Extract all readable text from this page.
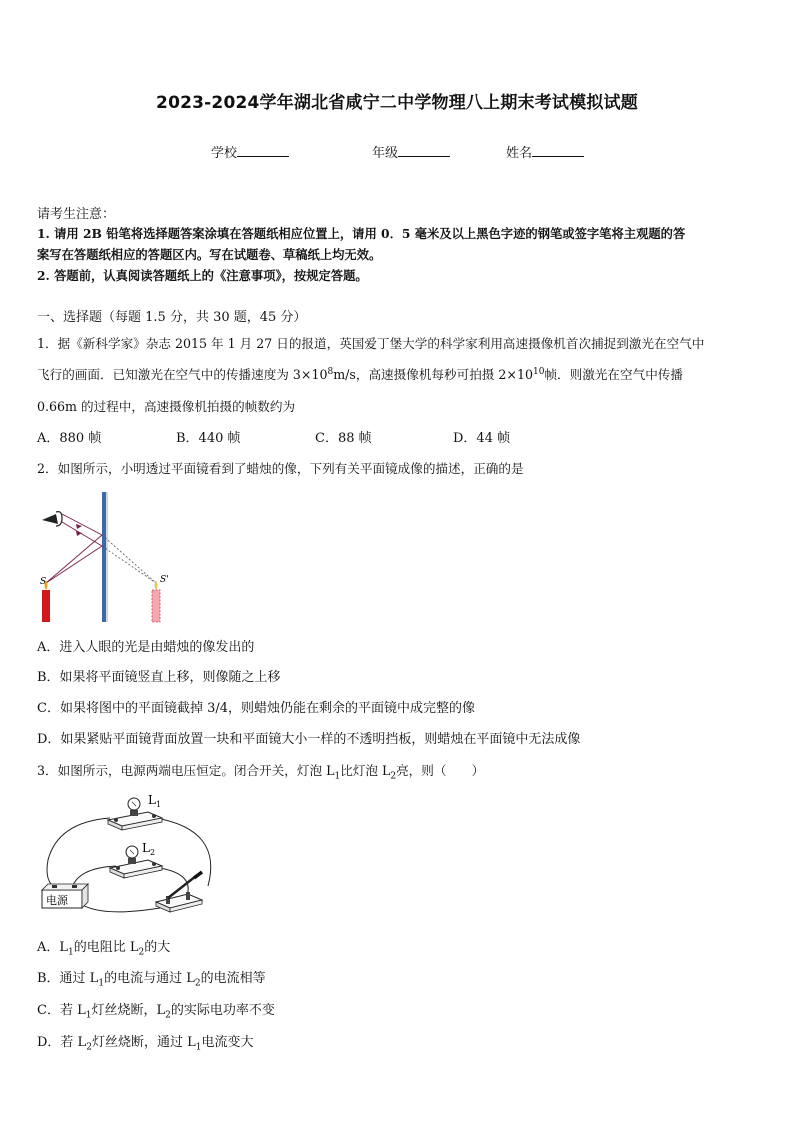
2023-2024学年湖北省咸宁二中学物理八上期末考试模拟试题
学校	年级	姓名
请考生注意：
1. 请用 2B 铅笔将选择题答案涂填在答题纸相应位置上，请用 0．5 毫米及以上黑色字迹的钢笔或签字笔将主观题的答
案写在答题纸相应的答题区内。写在试题卷、草稿纸上均无效。
2. 答题前，认真阅读答题纸上的《注意事项》，按规定答题。
一、选择题（每题 1.5 分，共 30 题，45 分）
1．据《新科学家》杂志 2015 年 1 月 27 日的报道，英国爱丁堡大学的科学家利用高速摄像机首次捕捉到激光在空气中
飞行的画面．已知激光在空气中的传播速度为 $3\times 10^8m/s$，高速摄像机每秒可拍摄 $2\times 10^{10}$帧．则激光在空气中传播
0.66m 的过程中，高速摄像机拍摄的帧数约为
A．880 帧	B．440 帧	C．88 帧	D．44 帧
2．如图所示，小明透过平面镜看到了蜡烛的像，下列有关平面镜成像的描述，正确的是
S	S'
A．进入人眼的光是由蜡烛的像发出的
B．如果将平面镜竖直上移，则像随之上移
C．如果将图中的平面镜截掉 3/4，则蜡烛仍能在剩余的平面镜中成完整的像
D．如果紧贴平面镜背面放置一块和平面镜大小一样的不透明挡板，则蜡烛在平面镜中无法成像
3．如图所示，电源两端电压恒定。闭合开关，灯泡 $L_1$比灯泡 $L_2$亮，则（　　）
$L_1$
$L_2$
电源
A．$L_1$的电阻比 $L_2$的大
B．通过 $L_1$的电流与通过 $L_2$的电流相等
C．若 $L_1$灯丝烧断，$L_2$的实际电功率不变
D．若 $L_2$灯丝烧断，通过 $L_1$电流变大
